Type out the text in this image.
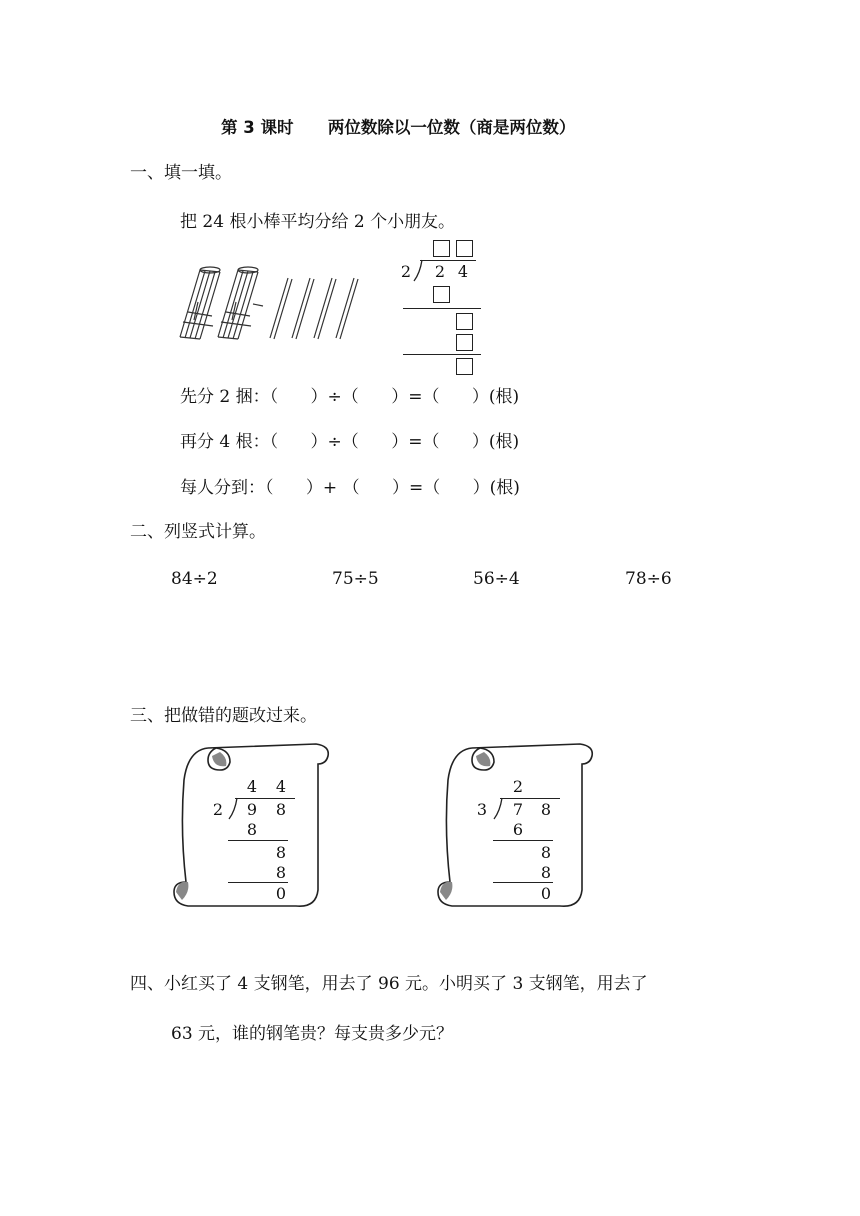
第 3 课时      两位数除以一位数（商是两位数）
一、填一填。
把 24 根小棒平均分给 2 个小朋友。
2 2 4
先分 2 捆：（      ）÷（      ）=（      ）(根)
再分 4 根：（      ）÷（      ）=（      ）(根)
每人分到：（      ）+ （      ）=（      ）(根)
二、列竖式计算。
84÷2	75÷5	56÷4	78÷6
三、把做错的题改过来。
4 4
2 9 8
8
8
8
0
2
3 7 8
6
8
8
0
四、小红买了 4 支钢笔，用去了 96 元。小明买了 3 支钢笔，用去了
63 元，谁的钢笔贵？每支贵多少元？
